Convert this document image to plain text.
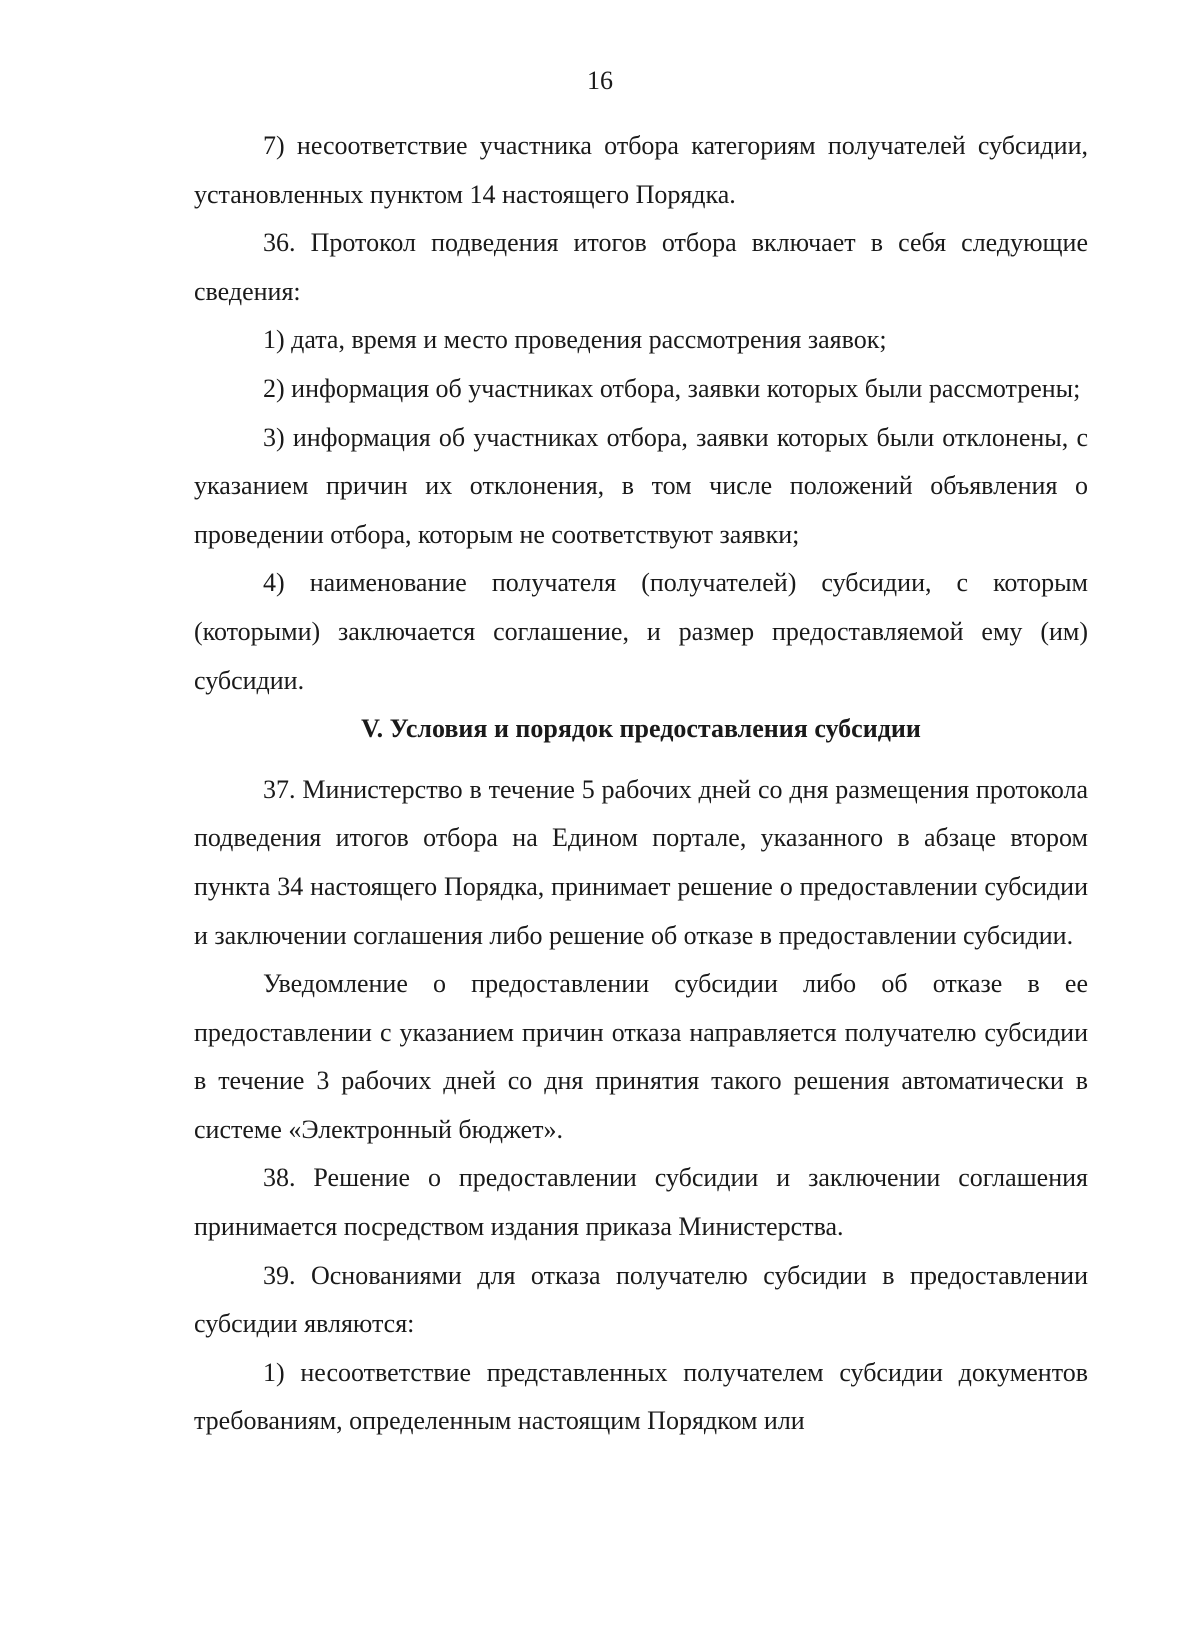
16

7) несоответствие участника отбора категориям получателей субсидии, установленных пунктом 14 настоящего Порядка.

36. Протокол подведения итогов отбора включает в себя следующие сведения:

1) дата, время и место проведения рассмотрения заявок;

2) информация об участниках отбора, заявки которых были рассмотрены;

3) информация об участниках отбора, заявки которых были отклонены, с указанием причин их отклонения, в том числе положений объявления о проведении отбора, которым не соответствуют заявки;

4) наименование получателя (получателей) субсидии, с которым (которыми) заключается соглашение, и размер предоставляемой ему (им) субсидии.

V. Условия и порядок предоставления субсидии

37. Министерство в течение 5 рабочих дней со дня размещения протокола подведения итогов отбора на Едином портале, указанного в абзаце втором пункта 34 настоящего Порядка, принимает решение о предоставлении субсидии и заключении соглашения либо решение об отказе в предоставлении субсидии.

Уведомление о предоставлении субсидии либо об отказе в ее предоставлении с указанием причин отказа направляется получателю субсидии в течение 3 рабочих дней со дня принятия такого решения автоматически в системе «Электронный бюджет».

38. Решение о предоставлении субсидии и заключении соглашения принимается посредством издания приказа Министерства.

39. Основаниями для отказа получателю субсидии в предоставлении субсидии являются:

1) несоответствие представленных получателем субсидии документов требованиям, определенным настоящим Порядком или
